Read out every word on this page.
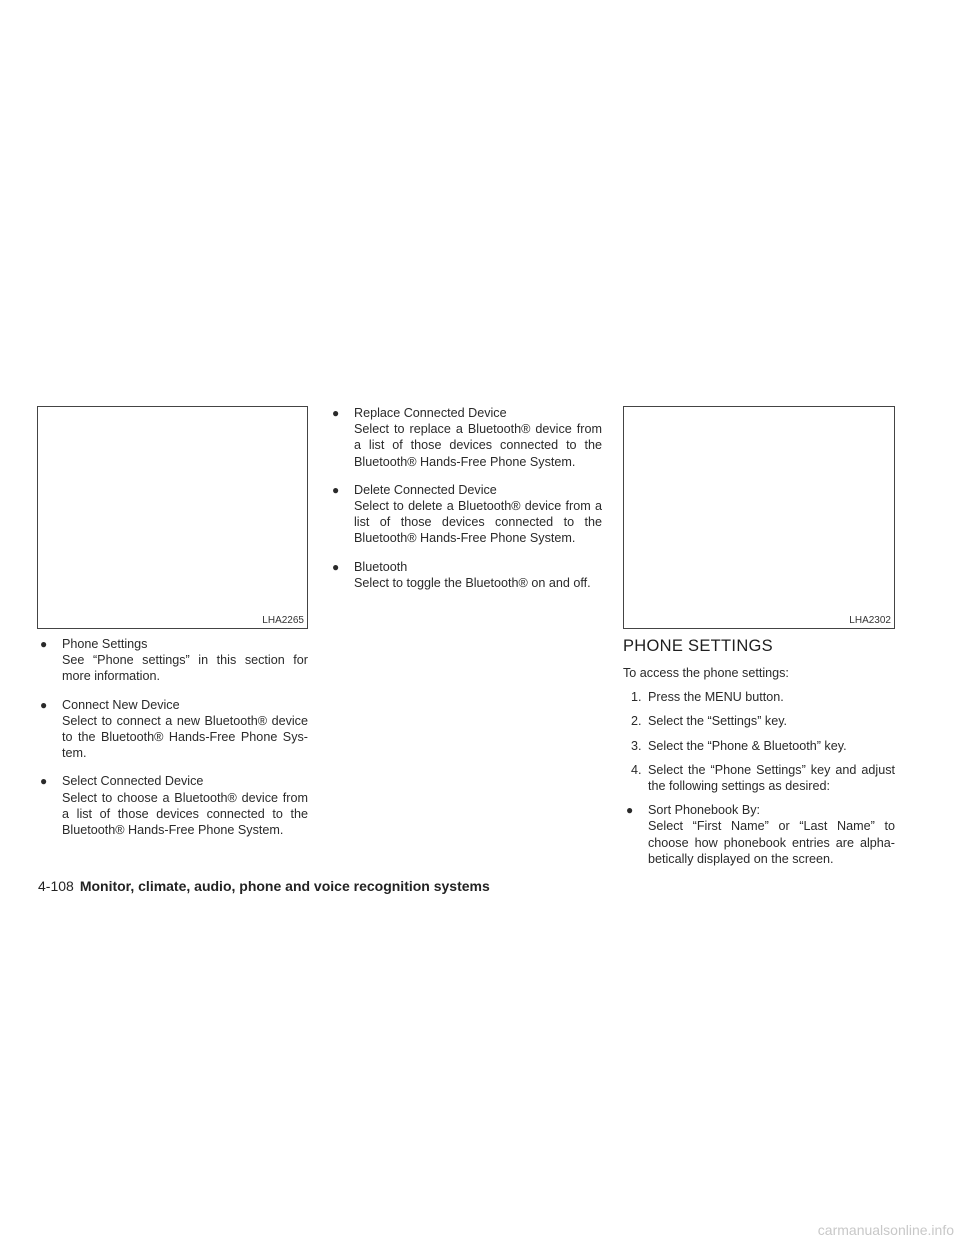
LHA2265	LHA2302
● Phone Settings
See “Phone settings” in this section for more information.
● Connect New Device
Select to connect a new Bluetooth® device to the Bluetooth® Hands-Free Phone Sys-tem.
● Select Connected Device
Select to choose a Bluetooth® device from a list of those devices connected to the Bluetooth® Hands-Free Phone System.
● Replace Connected Device
Select to replace a Bluetooth® device from a list of those devices connected to the Bluetooth® Hands-Free Phone System.
● Delete Connected Device
Select to delete a Bluetooth® device from a list of those devices connected to the Bluetooth® Hands-Free Phone System.
● Bluetooth
Select to toggle the Bluetooth® on and off.
PHONE SETTINGS

To access the phone settings:

1. Press the MENU button.
2. Select the “Settings” key.
3. Select the “Phone & Bluetooth” key.
4. Select the “Phone Settings” key and adjust the following settings as desired:
● Sort Phonebook By:
Select “First Name” or “Last Name” to choose how phonebook entries are alpha-betically displayed on the screen.
4-108 Monitor, climate, audio, phone and voice recognition systems
carmanualsonline.info
